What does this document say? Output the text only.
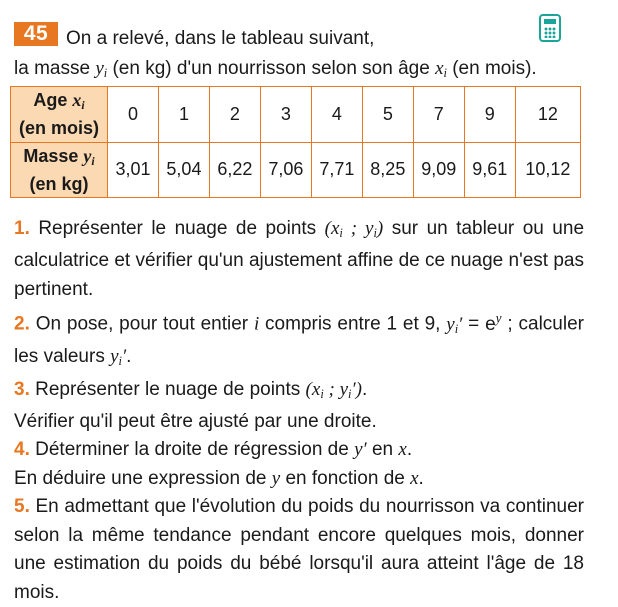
45 On a relevé, dans le tableau suivant,
la masse $y_i$ (en kg) d'un nourrisson selon son âge $x_i$ (en mois).
Age $x_i$
(en mois)	0	1	2	3	4	5	7	9	12
Masse $y_i$
(en kg)	3,01	5,04	6,22	7,06	7,71	8,25	9,09	9,61	10,12

1. Représenter le nuage de points ($x_i$ ; $y_i$) sur un tableur ou une calculatrice et vérifier qu'un ajustement affine de ce nuage n'est pas pertinent.

2. On pose, pour tout entier i compris entre 1 et 9, $y_i' = e^y$ ; calculer les valeurs $y_i'$.

3. Représenter le nuage de points ($x_i$ ; $y_i'$).
Vérifier qu'il peut être ajusté par une droite.

4. Déterminer la droite de régression de y′ en x.
En déduire une expression de y en fonction de x.

5. En admettant que l'évolution du poids du nourrisson va continuer selon la même tendance pendant encore quelques mois, donner une estimation du poids du bébé lorsqu'il aura atteint l'âge de 18 mois.
